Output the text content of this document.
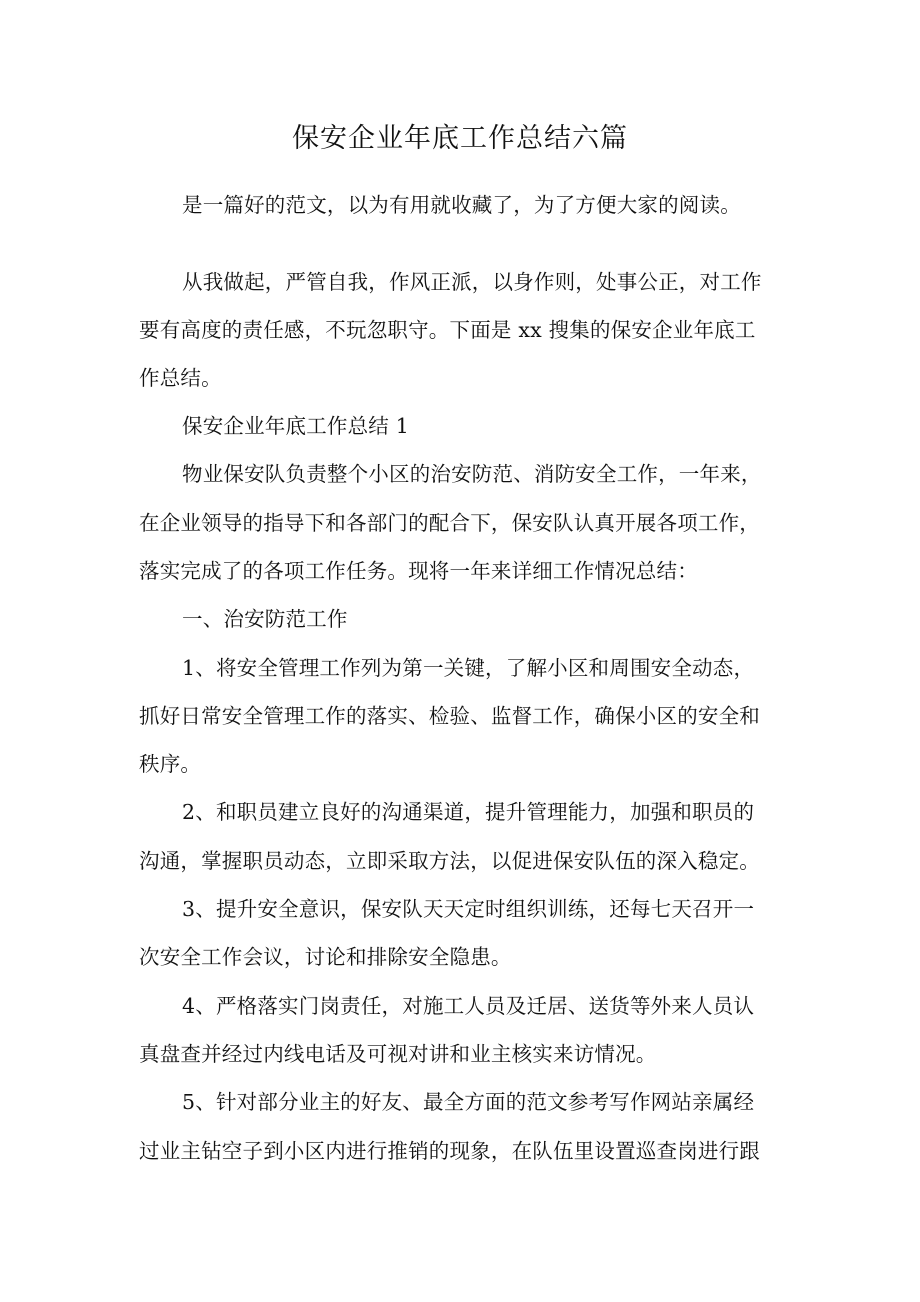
保安企业年底工作总结六篇
是一篇好的范文，以为有用就收藏了，为了方便大家的阅读。
从我做起，严管自我，作风正派，以身作则，处事公正，对工作
要有高度的责任感，不玩忽职守。下面是 xx 搜集的保安企业年底工
作总结。
保安企业年底工作总结 1
物业保安队负责整个小区的治安防范、消防安全工作，一年来，
在企业领导的指导下和各部门的配合下，保安队认真开展各项工作，
落实完成了的各项工作任务。现将一年来详细工作情况总结：
一、治安防范工作
1、将安全管理工作列为第一关键，了解小区和周围安全动态，
抓好日常安全管理工作的落实、检验、监督工作，确保小区的安全和
秩序。
2、和职员建立良好的沟通渠道，提升管理能力，加强和职员的
沟通，掌握职员动态，立即采取方法，以促进保安队伍的深入稳定。
3、提升安全意识，保安队天天定时组织训练，还每七天召开一
次安全工作会议，讨论和排除安全隐患。
4、严格落实门岗责任，对施工人员及迁居、送货等外来人员认
真盘查并经过内线电话及可视对讲和业主核实来访情况。
5、针对部分业主的好友、最全方面的范文参考写作网站亲属经
过业主钻空子到小区内进行推销的现象，在队伍里设置巡查岗进行跟
